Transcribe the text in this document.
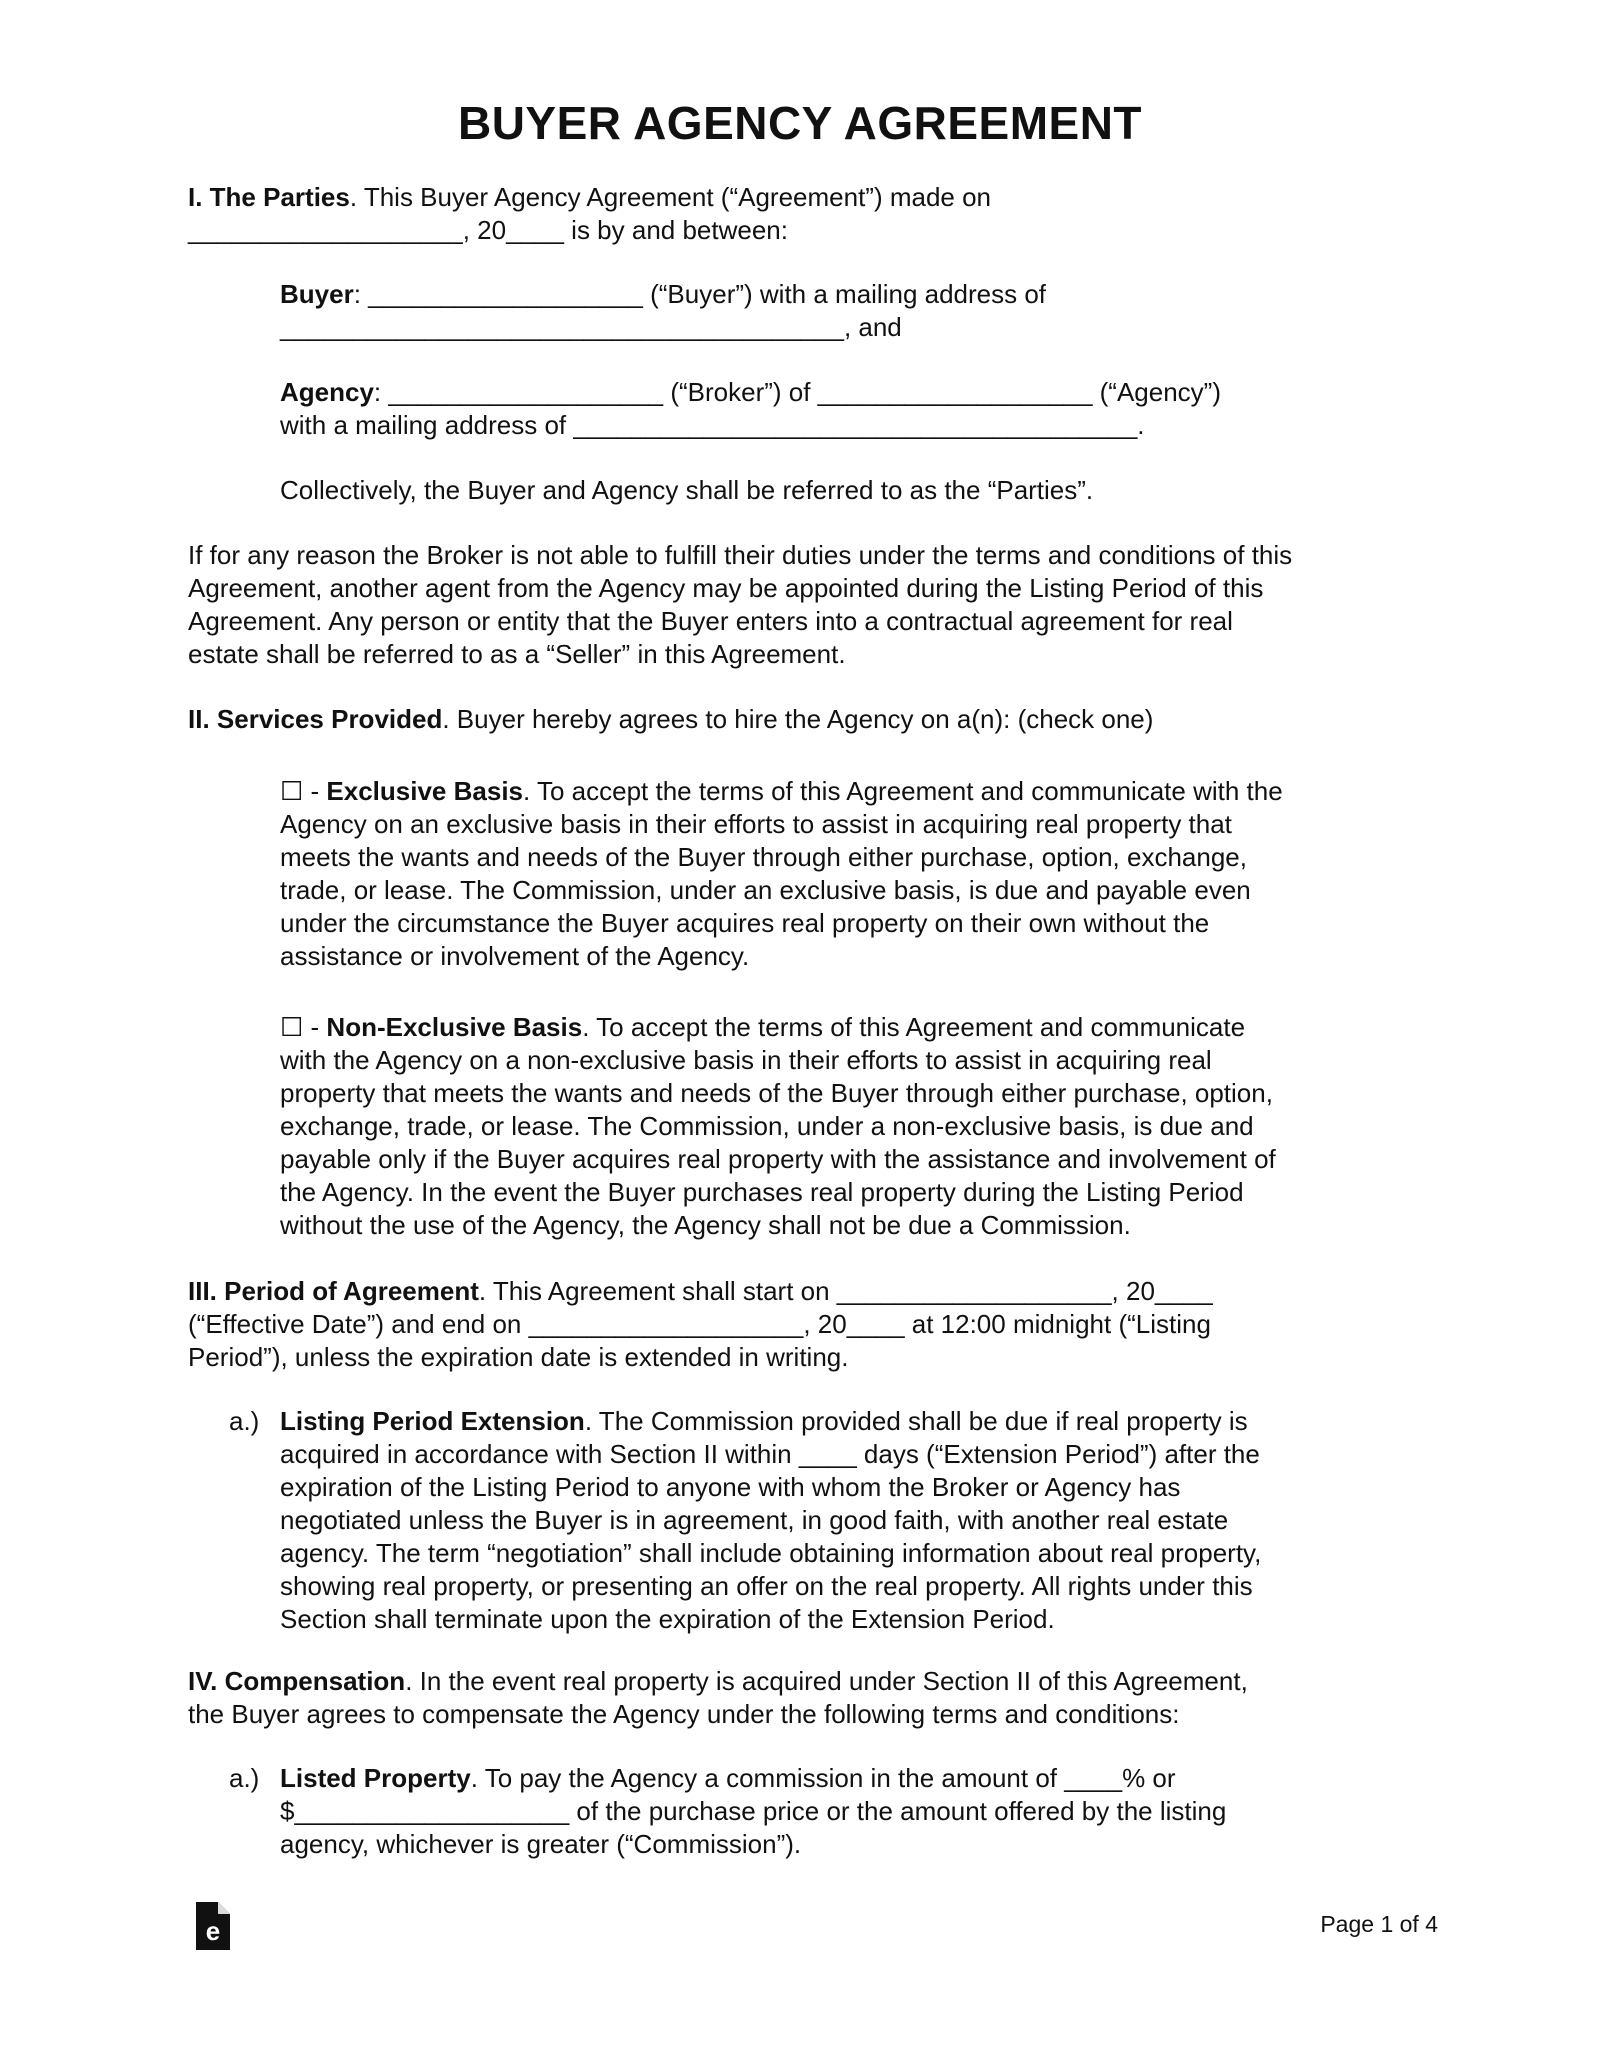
BUYER AGENCY AGREEMENT
I. The Parties. This Buyer Agency Agreement (“Agreement”) made on
___________________, 20____ is by and between:
Buyer: ___________________ (“Buyer”) with a mailing address of
_______________________________________, and
Agency: ___________________ (“Broker”) of ___________________ (“Agency”)
with a mailing address of _______________________________________.
Collectively, the Buyer and Agency shall be referred to as the “Parties”.
If for any reason the Broker is not able to fulfill their duties under the terms and conditions of this
Agreement, another agent from the Agency may be appointed during the Listing Period of this
Agreement. Any person or entity that the Buyer enters into a contractual agreement for real
estate shall be referred to as a “Seller” in this Agreement.
II. Services Provided. Buyer hereby agrees to hire the Agency on a(n): (check one)
☐ - Exclusive Basis. To accept the terms of this Agreement and communicate with the
Agency on an exclusive basis in their efforts to assist in acquiring real property that
meets the wants and needs of the Buyer through either purchase, option, exchange,
trade, or lease. The Commission, under an exclusive basis, is due and payable even
under the circumstance the Buyer acquires real property on their own without the
assistance or involvement of the Agency.
☐ - Non-Exclusive Basis. To accept the terms of this Agreement and communicate
with the Agency on a non-exclusive basis in their efforts to assist in acquiring real
property that meets the wants and needs of the Buyer through either purchase, option,
exchange, trade, or lease. The Commission, under a non-exclusive basis, is due and
payable only if the Buyer acquires real property with the assistance and involvement of
the Agency. In the event the Buyer purchases real property during the Listing Period
without the use of the Agency, the Agency shall not be due a Commission.
III. Period of Agreement. This Agreement shall start on ___________________, 20____
(“Effective Date”) and end on ___________________, 20____ at 12:00 midnight (“Listing
Period”), unless the expiration date is extended in writing.
a.) Listing Period Extension. The Commission provided shall be due if real property is
acquired in accordance with Section II within ____ days (“Extension Period”) after the
expiration of the Listing Period to anyone with whom the Broker or Agency has
negotiated unless the Buyer is in agreement, in good faith, with another real estate
agency. The term “negotiation” shall include obtaining information about real property,
showing real property, or presenting an offer on the real property. All rights under this
Section shall terminate upon the expiration of the Extension Period.
IV. Compensation. In the event real property is acquired under Section II of this Agreement,
the Buyer agrees to compensate the Agency under the following terms and conditions:
a.) Listed Property. To pay the Agency a commission in the amount of ____% or
$___________________ of the purchase price or the amount offered by the listing
agency, whichever is greater (“Commission”).
e	Page 1 of 4
